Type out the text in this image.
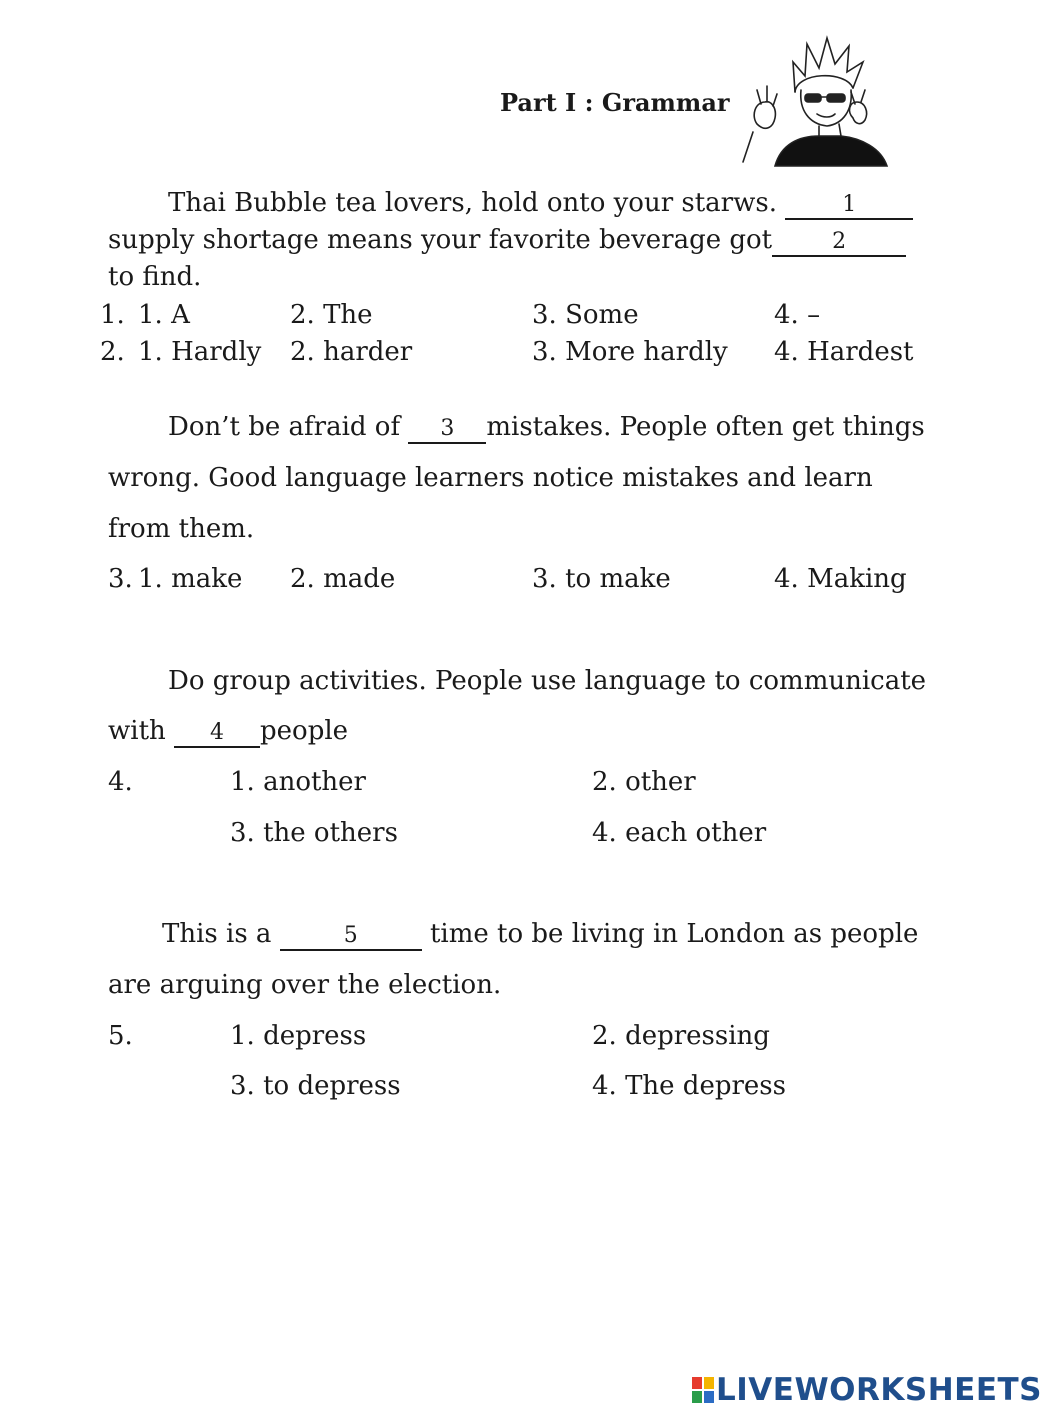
Part I : Grammar
Thai Bubble tea lovers, hold onto your starws.	1
supply shortage means your favorite beverage got	2
to find.
1. 1. A	2. The	3. Some	4. –
2. 1. Hardly 2. harder	3. More hardly 4. Hardest
Don’t be afraid of 3 mistakes. People often get things
wrong. Good language learners notice mistakes and learn
from them.
3. 1. make 2. made	3. to make	4. Making
Do group activities. People use language to communicate
with 4 people
4.	1. another	2. other
3. the others	4. each other
This is a	5	time to be living in London as people
are arguing over the election.
5.	1. depress	2. depressing
3. to depress	4. The depress
LIVEWORKSHEETS
